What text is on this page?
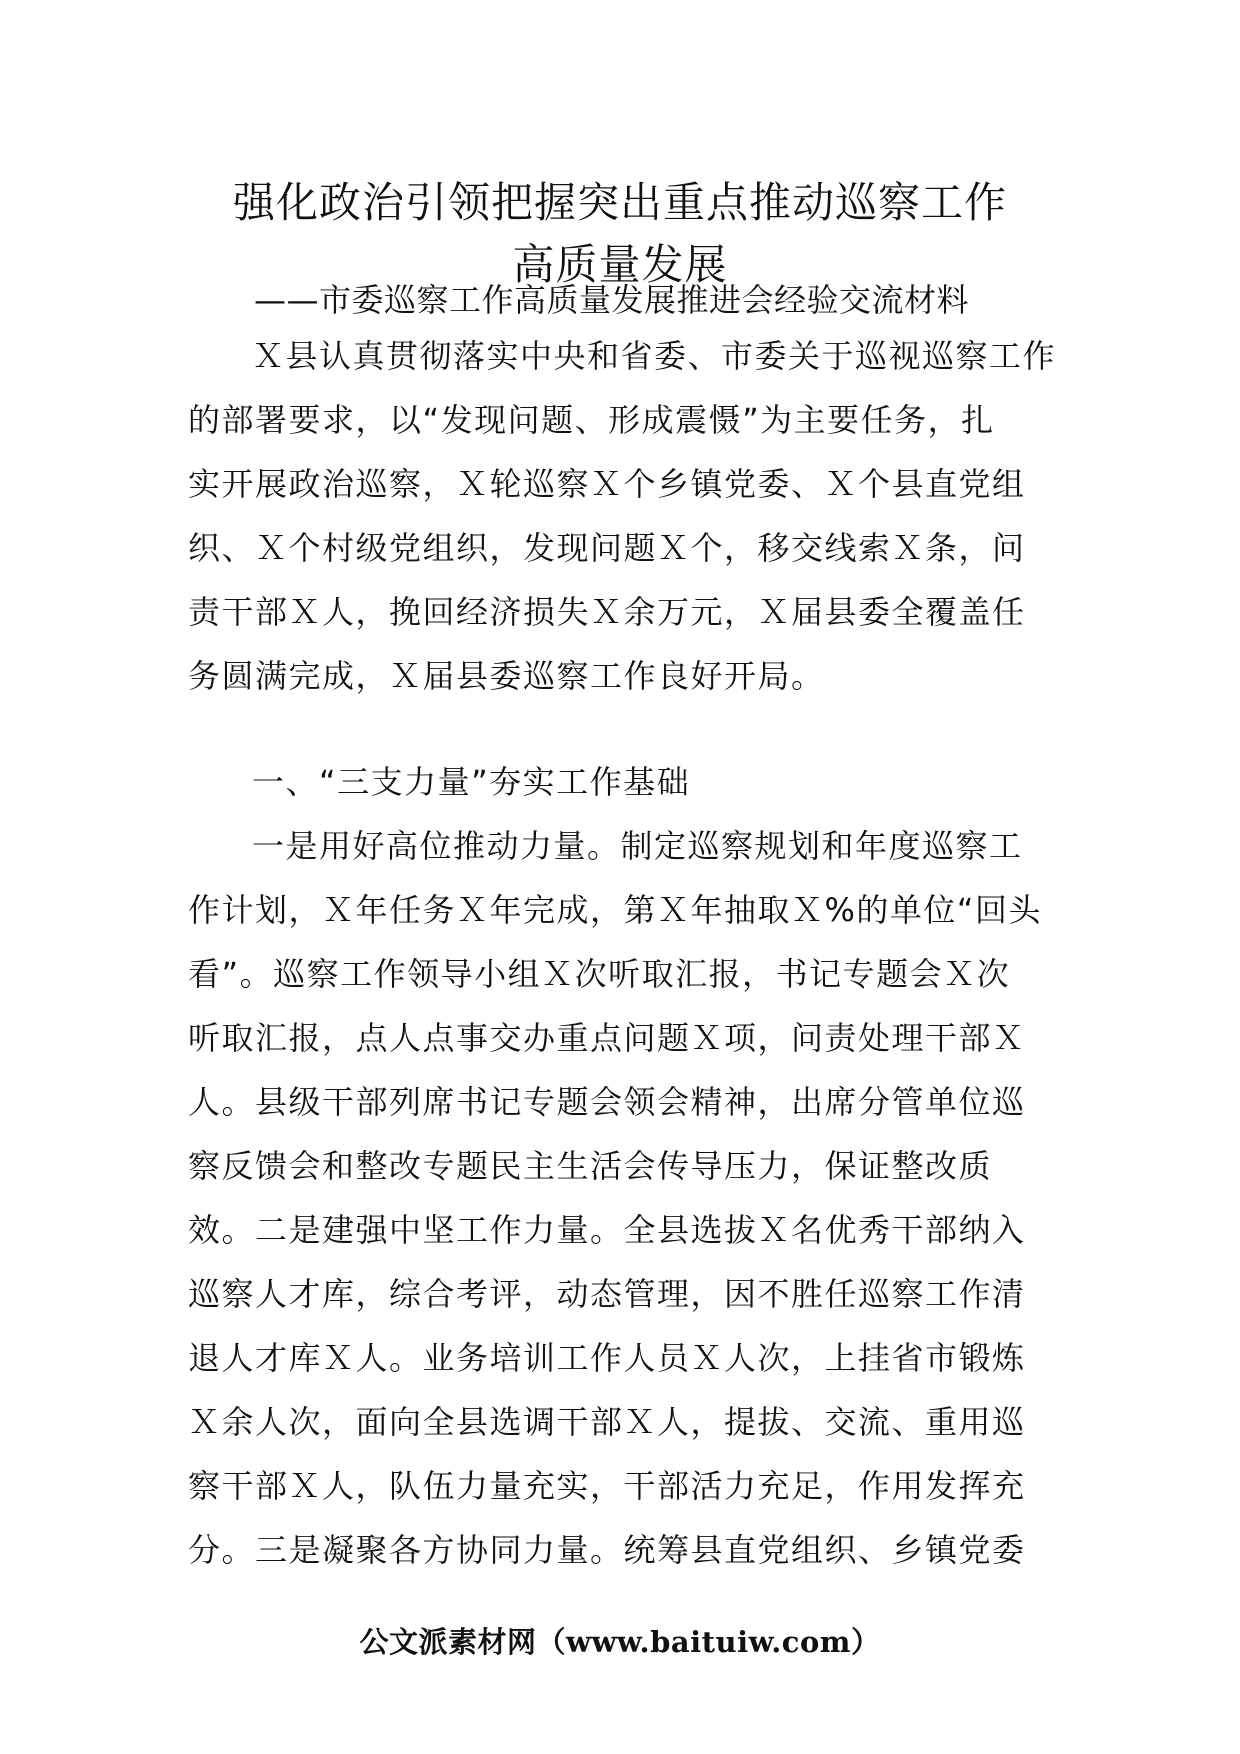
强化政治引领把握突出重点推动巡察工作
高质量发展

——市委巡察工作高质量发展推进会经验交流材料

Ｘ县认真贯彻落实中央和省委、市委关于巡视巡察工作
的部署要求，以“发现问题、形成震慑”为主要任务，扎
实开展政治巡察，Ｘ轮巡察Ｘ个乡镇党委、Ｘ个县直党组
织、Ｘ个村级党组织，发现问题Ｘ个，移交线索Ｘ条，问
责干部Ｘ人，挽回经济损失Ｘ余万元，Ｘ届县委全覆盖任
务圆满完成，Ｘ届县委巡察工作良好开局。
一、“三支力量”夯实工作基础
一是用好高位推动力量。制定巡察规划和年度巡察工
作计划，Ｘ年任务Ｘ年完成，第Ｘ年抽取Ｘ%的单位“回头
看”。巡察工作领导小组Ｘ次听取汇报，书记专题会Ｘ次
听取汇报，点人点事交办重点问题Ｘ项，问责处理干部Ｘ
人。县级干部列席书记专题会领会精神，出席分管单位巡
察反馈会和整改专题民主生活会传导压力，保证整改质
效。二是建强中坚工作力量。全县选拔Ｘ名优秀干部纳入
巡察人才库，综合考评，动态管理，因不胜任巡察工作清
退人才库Ｘ人。业务培训工作人员Ｘ人次，上挂省市锻炼
Ｘ余人次，面向全县选调干部Ｘ人，提拔、交流、重用巡
察干部Ｘ人，队伍力量充实，干部活力充足，作用发挥充
分。三是凝聚各方协同力量。统筹县直党组织、乡镇党委
公文派素材网（www.baituiw.com）
